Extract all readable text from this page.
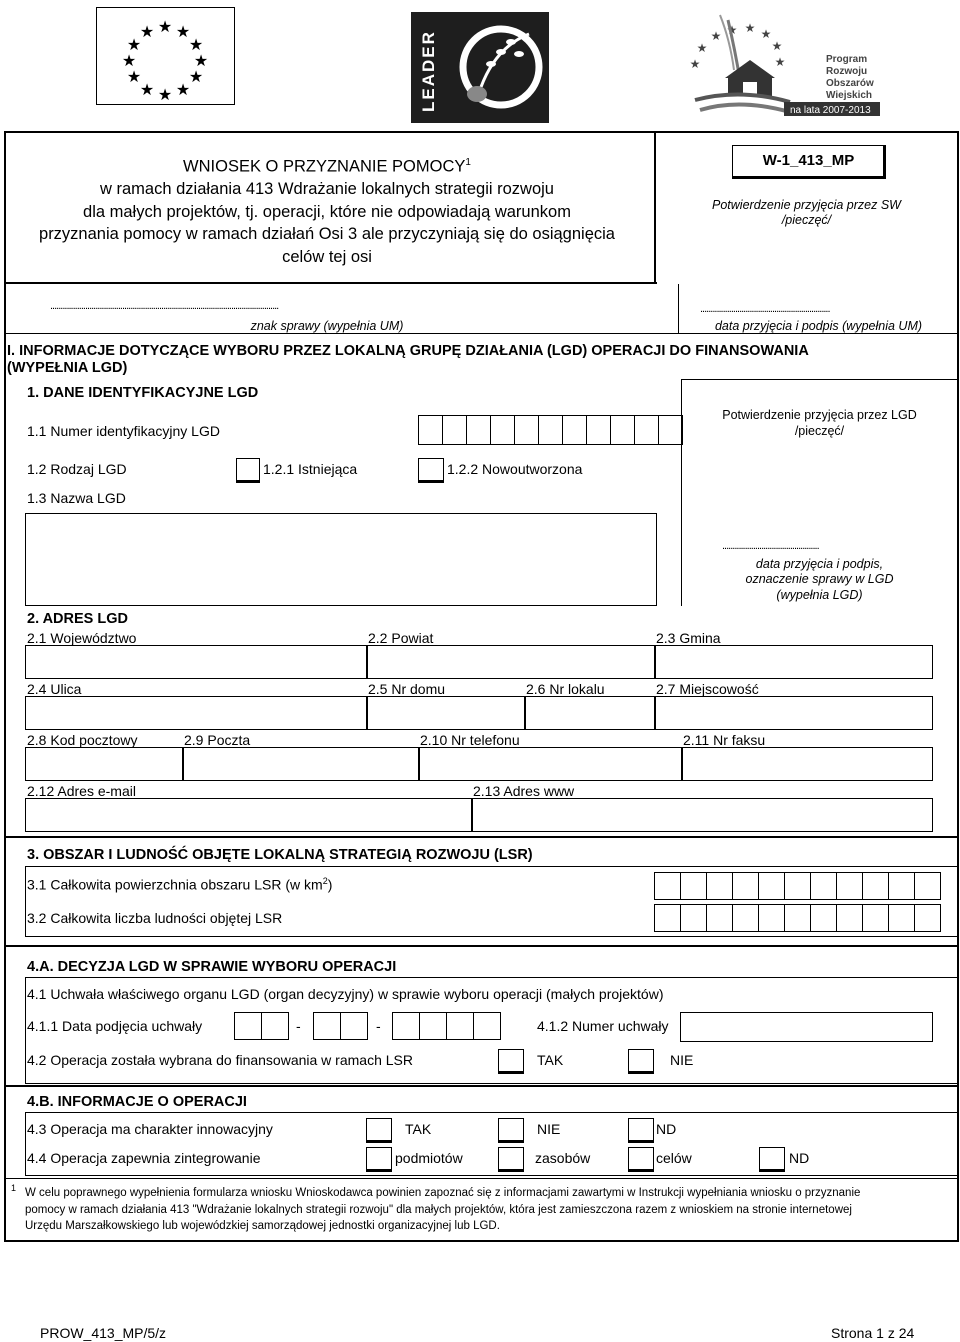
★ ★
★
★
★
★
★
★
★
★
★
★	LEADER
★ ★ ★
★
★
★
★
★	Program
Rozwoju
Obszarów
Wiejskich
na lata 2007-2013
WNIOSEK O PRZYZNANIE POMOCY$^1$
w ramach działania 413 Wdrażanie lokalnych strategii rozwoju
dla małych projektów, tj. operacji, które nie odpowiadają warunkom
przyznania pomocy w ramach działań Osi 3 ale przyczyniają się do osiągnięcia
celów tej osi
W-1_413_MP
Potwierdzenie przyjęcia przez SW
/pieczęć/
...............................................................................................................
znak sprawy (wypełnia UM)
...............................................................
data przyjęcia i podpis (wypełnia UM)
I. INFORMACJE DOTYCZĄCE WYBORU PRZEZ LOKALNĄ GRUPĘ DZIAŁANIA (LGD) OPERACJI DO FINANSOWANIA
(WYPEŁNIA LGD)
1. DANE IDENTYFIKACYJNE LGD
Potwierdzenie przyjęcia przez LGD
/pieczęć/
...............................................
data przyjęcia i podpis,
oznaczenie sprawy w LGD
(wypełnia LGD)
1.1 Numer identyfikacyjny LGD
1.2 Rodzaj LGD	1.2.1 Istniejąca	1.2.2 Nowoutworzona
1.3 Nazwa LGD
2. ADRES LGD
2.1 Województwo	2.2 Powiat	2.3 Gmina
2.4 Ulica	2.5 Nr domu	2.6 Nr lokalu	2.7 Miejscowość
2.8 Kod pocztowy	2.9 Poczta	2.10 Nr telefonu	2.11 Nr faksu
2.12 Adres e-mail	2.13 Adres www
3. OBSZAR I LUDNOŚĆ OBJĘTE LOKALNĄ STRATEGIĄ ROZWOJU (LSR)
3.1 Całkowita powierzchnia obszaru LSR (w $km^2$)
3.2 Całkowita liczba ludności objętej LSR
4.A. DECYZJA LGD W SPRAWIE WYBORU OPERACJI
4.1 Uchwała właściwego organu LGD (organ decyzyjny) w sprawie wyboru operacji (małych projektów)
4.1.1 Data podjęcia uchwały	-	-	4.1.2 Numer uchwały
4.2 Operacja została wybrana do finansowania w ramach LSR	TAK	NIE
4.B. INFORMACJE O OPERACJI
4.3 Operacja ma charakter innowacyjny	TAK	NIE	ND
4.4 Operacja zapewnia zintegrowanie	podmiotów	zasobów	celów	ND
1 W celu poprawnego wypełnienia formularza wniosku Wnioskodawca powinien zapoznać się z informacjami zawartymi w Instrukcji wypełniania wniosku o przyznanie
pomocy w ramach działania 413 "Wdrażanie lokalnych strategii rozwoju" dla małych projektów, która jest zamieszczona razem z wnioskiem na stronie internetowej
Urzędu Marszałkowskiego lub wojewódzkiej samorządowej jednostki organizacyjnej lub LGD.
PROW_413_MP/5/z	Strona 1 z 24
